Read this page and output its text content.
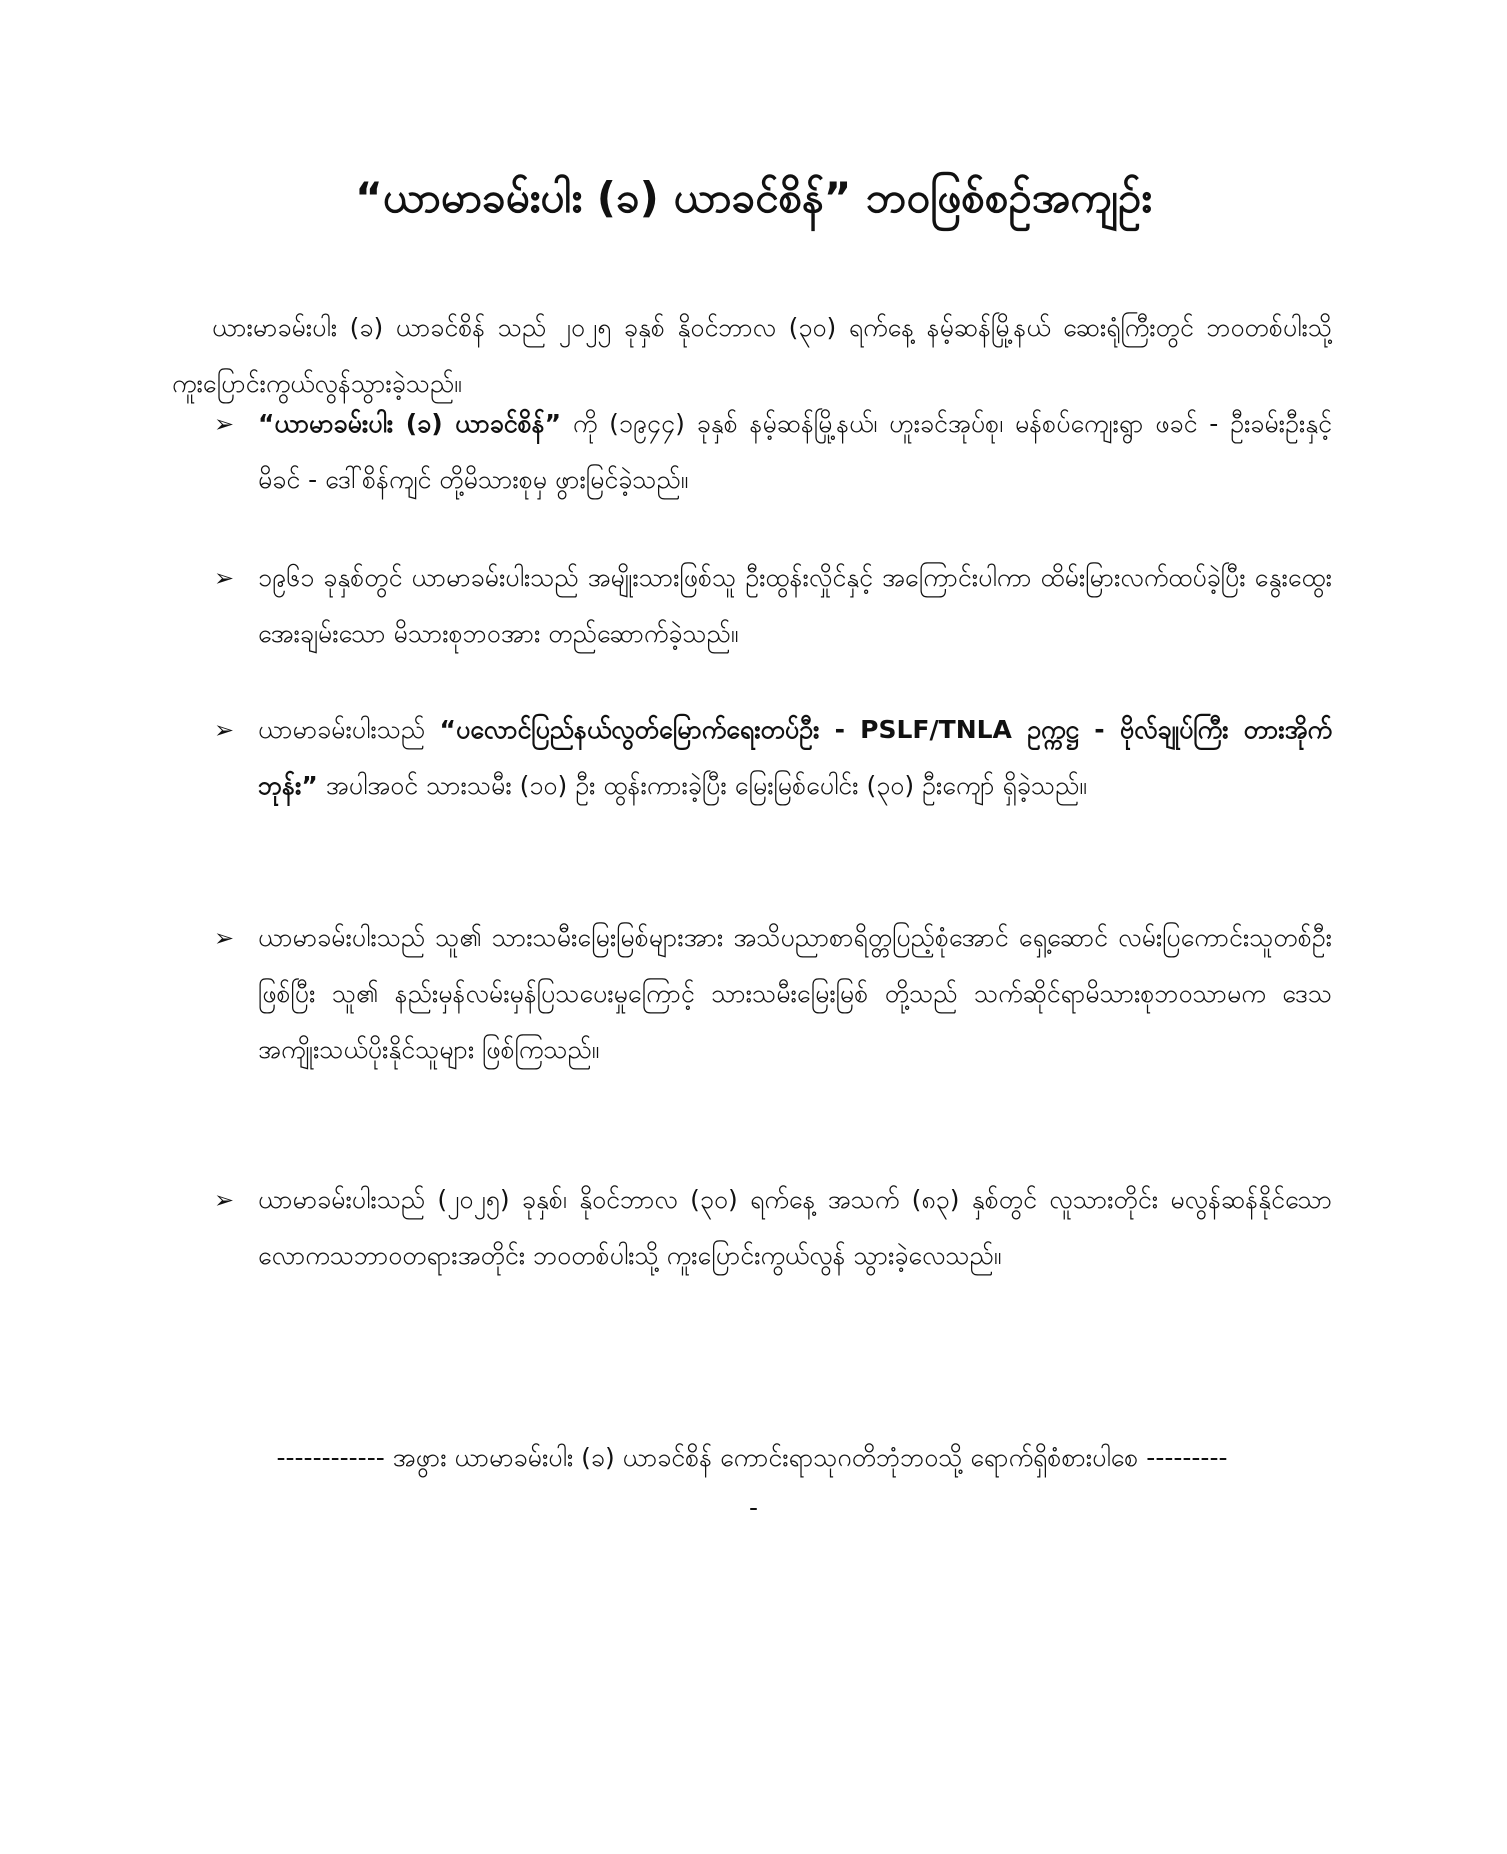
“ယာမာခမ်းပါး (ခ) ယာခင်စိန်” ဘဝဖြစ်စဉ်အကျဉ်း
ယားမာခမ်းပါး (ခ) ယာခင်စိန် သည် ၂၀၂၅ ခုနှစ် နိုဝင်ဘာလ (၃၀) ရက်နေ့ နမ့်ဆန်မြို့နယ် ဆေးရုံကြီးတွင် ဘဝတစ်ပါးသို့ ကူးပြောင်းကွယ်လွန်သွားခဲ့သည်။
➢ “ယာမာခမ်းပါး (ခ) ယာခင်စိန်” ကို (၁၉၄၄) ခုနှစ် နမ့်ဆန်မြို့နယ်၊ ဟူးခင်အုပ်စု၊ မန်စပ်ကျေးရွာ ဖခင် - ဦးခမ်းဦးနှင့် မိခင် - ဒေါ်စိန်ကျင် တို့မိသားစုမှ ဖွားမြင်ခဲ့သည်။
➢ ၁၉၆၁ ခုနှစ်တွင် ယာမာခမ်းပါးသည် အမျိုးသားဖြစ်သူ ဦးထွန်းလှိုင်နှင့် အကြောင်းပါကာ ထိမ်းမြားလက်ထပ်ခဲ့ပြီး နွေးထွေးအေးချမ်းသော မိသားစုဘဝအား တည်ဆောက်ခဲ့သည်။
➢ ယာမာခမ်းပါးသည် “ပလောင်ပြည်နယ်လွတ်မြောက်ရေးတပ်ဦး - PSLF/TNLA ဥက္ကဋ္ဌ - ဗိုလ်ချုပ်ကြီး တားအိုက်ဘုန်း” အပါအဝင် သားသမီး (၁၀) ဦး ထွန်းကားခဲ့ပြီး မြေးမြစ်ပေါင်း (၃၀) ဦးကျော် ရှိခဲ့သည်။
➢ ယာမာခမ်းပါးသည် သူ၏ သားသမီးမြေးမြစ်များအား အသိပညာစာရိတ္တပြည့်စုံအောင် ရှေ့ဆောင် လမ်းပြကောင်းသူတစ်ဦးဖြစ်ပြီး သူ၏ နည်းမှန်လမ်းမှန်ပြသပေးမှုကြောင့် သားသမီးမြေးမြစ် တို့သည် သက်ဆိုင်ရာမိသားစုဘဝသာမက ဒေသအကျိုးသယ်ပိုးနိုင်သူများ ဖြစ်ကြသည်။
➢ ယာမာခမ်းပါးသည် (၂၀၂၅) ခုနှစ်၊ နိုဝင်ဘာလ (၃၀) ရက်နေ့ အသက် (၈၃) နှစ်တွင် လူသားတိုင်း မလွန်ဆန်နိုင်သော လောကသဘာဝတရားအတိုင်း ဘဝတစ်ပါးသို့ ကူးပြောင်းကွယ်လွန် သွားခဲ့လေသည်။
------------ အဖွား ယာမာခမ်းပါး (ခ) ယာခင်စိန် ကောင်းရာသုဂတိဘုံဘဝသို့ ရောက်ရှိစံစားပါစေ ---------
-
